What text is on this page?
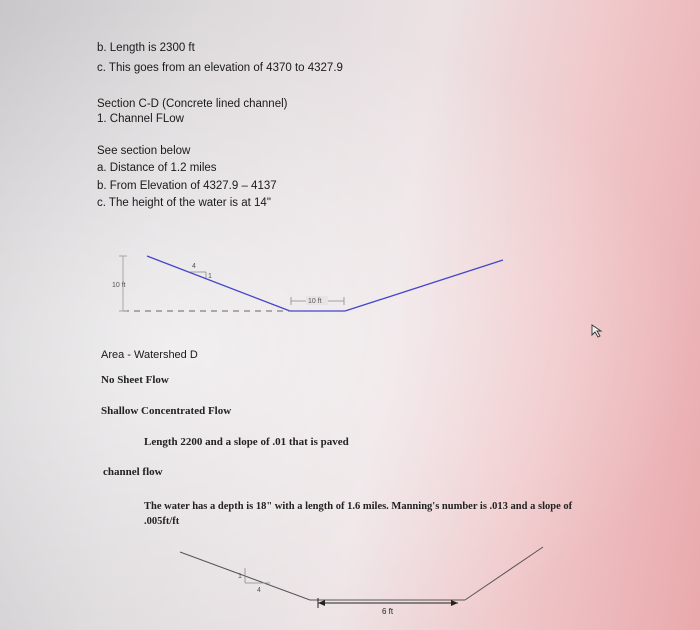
b. Length is 2300 ft
c. This goes from an elevation of 4370 to 4327.9
Section C-D (Concrete lined channel)
1. Channel FLow
See section below
a. Distance of 1.2 miles
b. From Elevation of 4327.9 – 4137
c. The height of the water is at 14"
10 ft
4
1
10 ft
1
4
6 ft
Area - Watershed D
No Sheet Flow
Shallow Concentrated Flow
Length 2200 and a slope of .01 that is paved
channel flow
The water has a depth is 18" with a length of 1.6 miles. Manning's number is .013 and a slope of
.005ft/ft
